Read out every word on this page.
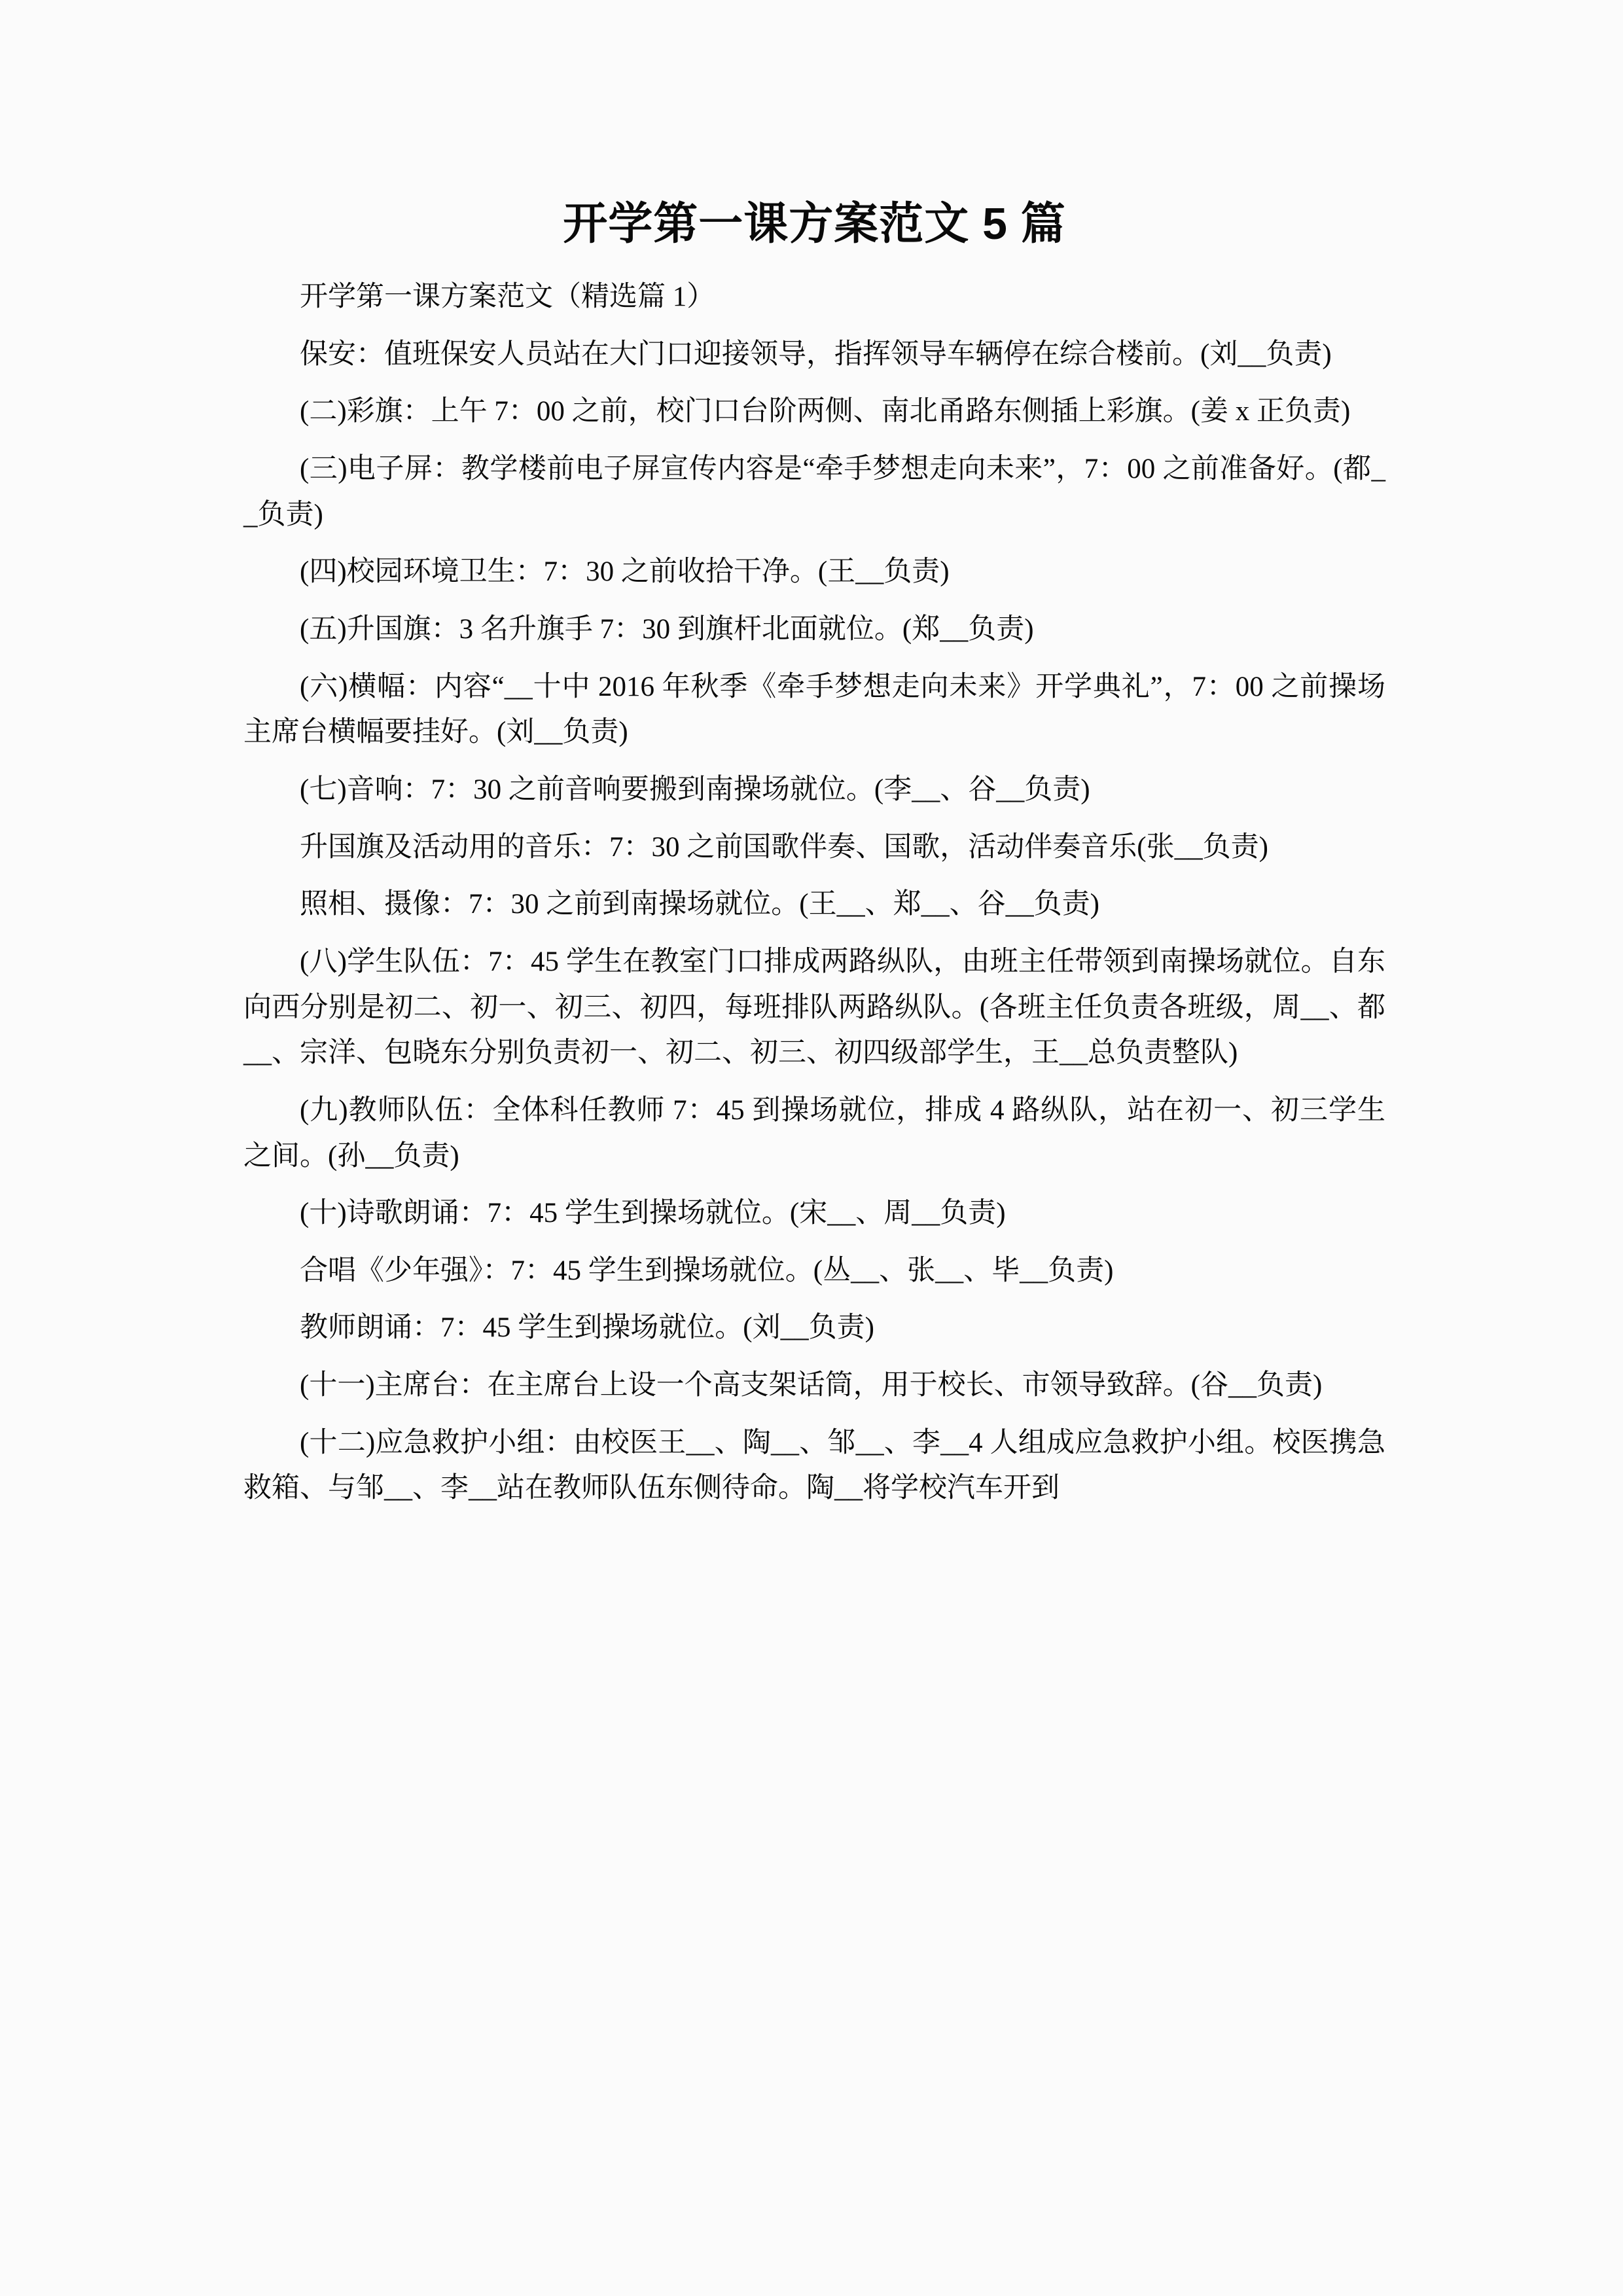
开学第一课方案范文 5 篇

开学第一课方案范文（精选篇 1）

保安：值班保安人员站在大门口迎接领导，指挥领导车辆停在综合楼前。(刘__负责)

(二)彩旗：上午 7：00 之前，校门口台阶两侧、南北甬路东侧插上彩旗。(姜 x 正负责)

(三)电子屏：教学楼前电子屏宣传内容是“牵手梦想走向未来”，7：00 之前准备好。(都__负责)

(四)校园环境卫生：7：30 之前收拾干净。(王__负责)

(五)升国旗：3 名升旗手 7：30 到旗杆北面就位。(郑__负责)

(六)横幅：内容“__十中 2016 年秋季《牵手梦想走向未来》开学典礼”，7：00 之前操场主席台横幅要挂好。(刘__负责)

(七)音响：7：30 之前音响要搬到南操场就位。(李__、谷__负责)

升国旗及活动用的音乐：7：30 之前国歌伴奏、国歌，活动伴奏音乐(张__负责)

照相、摄像：7：30 之前到南操场就位。(王__、郑__、谷__负责)

(八)学生队伍：7：45 学生在教室门口排成两路纵队，由班主任带领到南操场就位。自东向西分别是初二、初一、初三、初四，每班排队两路纵队。(各班主任负责各班级，周__、都__、宗洋、包晓东分别负责初一、初二、初三、初四级部学生，王__总负责整队)

(九)教师队伍：全体科任教师 7：45 到操场就位，排成 4 路纵队，站在初一、初三学生之间。(孙__负责)

(十)诗歌朗诵：7：45 学生到操场就位。(宋__、周__负责)

合唱《少年强》：7：45 学生到操场就位。(丛__、张__、毕__负责)

教师朗诵：7：45 学生到操场就位。(刘__负责)

(十一)主席台：在主席台上设一个高支架话筒，用于校长、市领导致辞。(谷__负责)

(十二)应急救护小组：由校医王__、陶__、邹__、李__4 人组成应急救护小组。校医携急救箱、与邹__、李__站在教师队伍东侧待命。陶__将学校汽车开到
